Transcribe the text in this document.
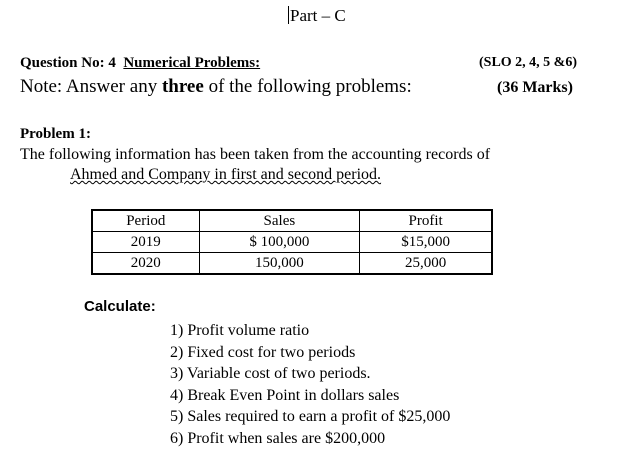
Part – C
Question No: 4 Numerical Problems:	(SLO 2, 4, 5 &6)
Note: Answer any three of the following problems:	(36 Marks)
Problem 1:
The following information has been taken from the accounting records of
Ahmed and Company in first and second period.
Period	Sales	Profit
2019	$ 100,000	$15,000
2020	150,000	25,000
Calculate:
1) Profit volume ratio
2) Fixed cost for two periods
3) Variable cost of two periods.
4) Break Even Point in dollars sales
5) Sales required to earn a profit of $25,000
6) Profit when sales are $200,000
